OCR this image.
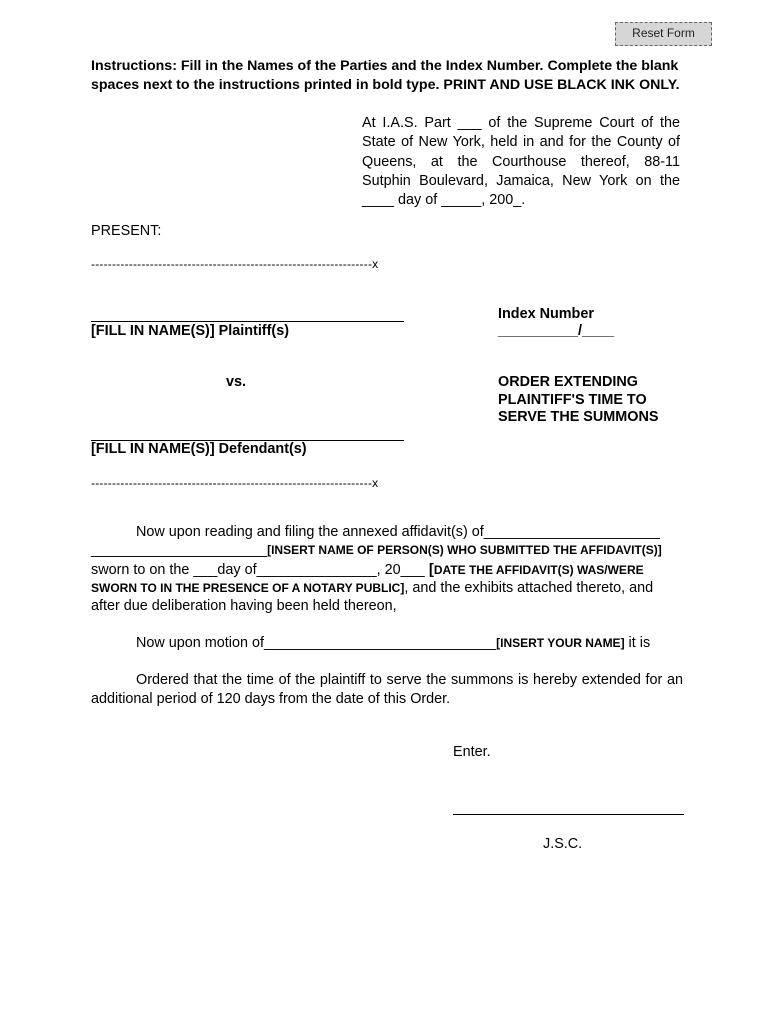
Reset Form
Instructions: Fill in the Names of the Parties and the Index Number. Complete the blank spaces next to the instructions printed in bold type. PRINT AND USE BLACK INK ONLY.
At I.A.S. Part ___ of the Supreme Court of the State of New York, held in and for the County of Queens, at the Courthouse thereof, 88-11 Sutphin Boulevard, Jamaica, New York on the ____ day of _____, 200_.
PRESENT:
-------------------------------------------------------------------x
[FILL IN NAME(S)] Plaintiff(s)
Index Number
__________/____
vs.	ORDER EXTENDING PLAINTIFF'S TIME TO SERVE THE SUMMONS
[FILL IN NAME(S)] Defendant(s)
-------------------------------------------------------------------x
Now upon reading and filing the annexed affidavit(s) of______________________
______________________[INSERT NAME OF PERSON(S) WHO SUBMITTED THE AFFIDAVIT(S)]
sworn to on the ___day of_______________, 20___ [DATE THE AFFIDAVIT(S) WAS/WERE
SWORN TO IN THE PRESENCE OF A NOTARY PUBLIC], and the exhibits attached thereto, and
after due deliberation having been held thereon,
Now upon motion of_____________________________[INSERT YOUR NAME] it is
Ordered that the time of the plaintiff to serve the summons is hereby extended for an additional period of 120 days from the date of this Order.
Enter.
J.S.C.
